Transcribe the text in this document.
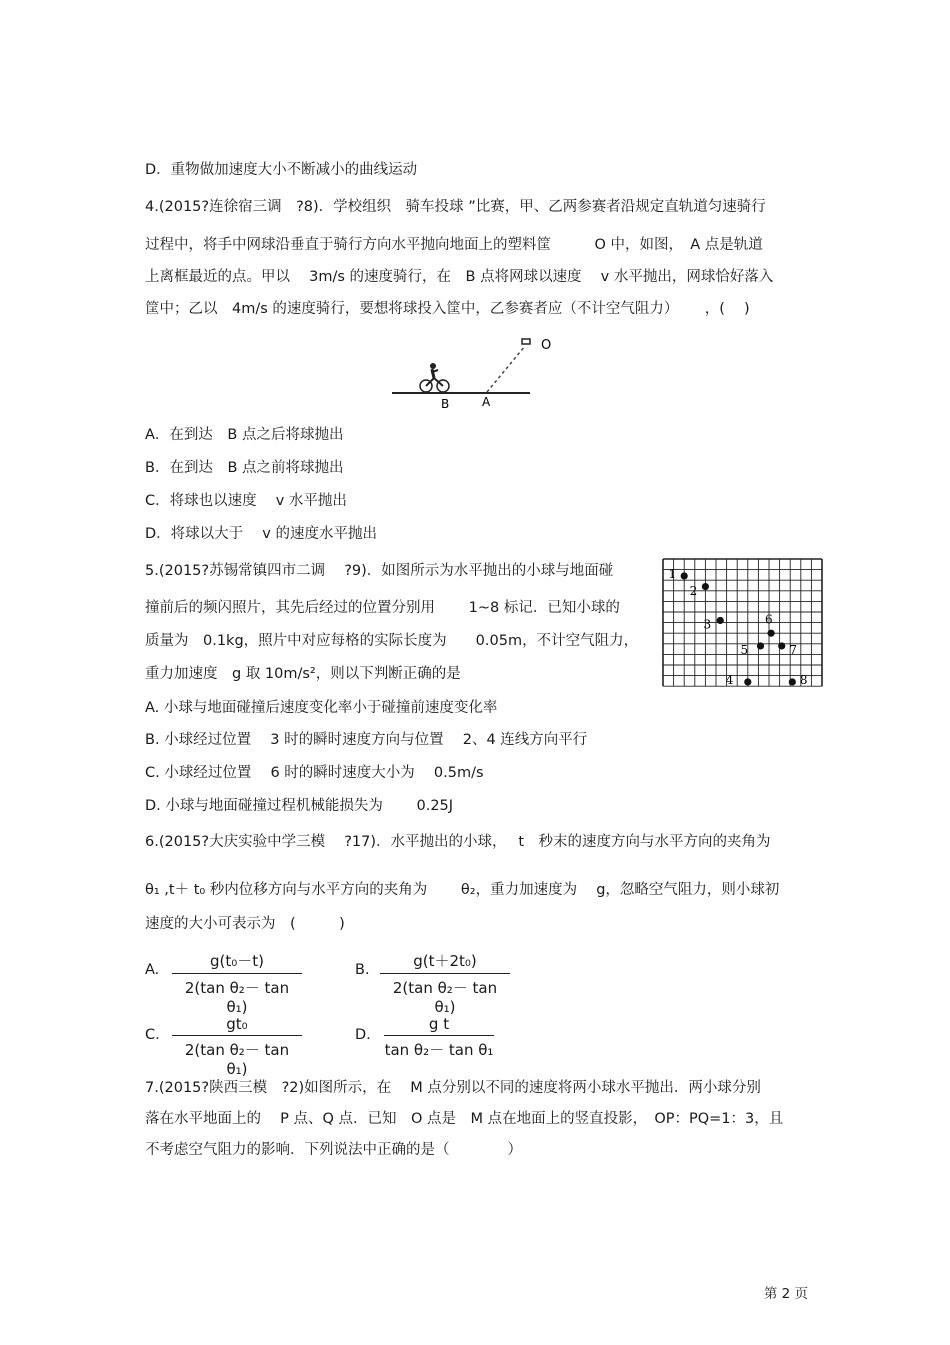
D．重物做加速度大小不断减小的曲线运动
4.(2015?连徐宿三调　?8)．学校组织　骑车投球 ”比赛，甲、乙两参赛者沿规定直轨道匀速骑行
过程中，将手中网球沿垂直于骑行方向水平抛向地面上的塑料筐　　　O 中，如图，　A 点是轨道
上离框最近的点。甲以　 3m/s 的速度骑行，在　B 点将网球以速度　 v 水平抛出，网球恰好落入
筐中；乙以　4m/s 的速度骑行，要想将球投入筐中，乙参赛者应（不计空气阻力）　　 ，(　 )
O
B	A
A．在到达　B 点之后将球抛出
B．在到达　B 点之前将球抛出
C．将球也以速度　 v 水平抛出
D．将球以大于　 v 的速度水平抛出
5.(2015?苏锡常镇四市二调　 ?9)．如图所示为水平抛出的小球与地面碰
撞前后的频闪照片，其先后经过的位置分别用　　 1~8 标记．已知小球的
质量为　0.1kg，照片中对应每格的实际长度为　　0.05m，不计空气阻力，
重力加速度　g 取 10m/s²，则以下判断正确的是
1
2
3
4
5
6
7
8
A. 小球与地面碰撞后速度变化率小于碰撞前速度变化率
B. 小球经过位置　 3 时的瞬时速度方向与位置　 2、4 连线方向平行
C. 小球经过位置　 6 时的瞬时速度大小为　 0.5m/s
D. 小球与地面碰撞过程机械能损失为　　 0.25J
6.(2015?大庆实验中学三模　 ?17)．水平抛出的小球，　 t　秒末的速度方向与水平方向的夹角为
θ₁ ,t＋ t₀ 秒内位移方向与水平方向的夹角为　　 θ₂，重力加速度为　 g，忽略空气阻力，则小球初
速度的大小可表示为　(　　　)
A. $\frac{\text{g(t₀－t)}}{\text{2(tan θ₂－ tan θ₁)}}$	B. $\frac{\text{g(t＋2t₀)}}{\text{2(tan θ₂－ tan θ₁)}}$
C. $\frac{\text{gt₀}}{\text{2(tan θ₂－ tan θ₁)}}$	D. $\frac{\text{g t}}{\text{tan θ₂－ tan θ₁}}$
7.(2015?陕西三模　?2)如图所示，在　 M 点分别以不同的速度将两小球水平抛出．两小球分别
落在水平地面上的　 P 点、Q 点．已知　O 点是　M 点在地面上的竖直投影，　OP：PQ=1：3，且
不考虑空气阻力的影响．下列说法中正确的是（　　　　）
第 2 页
